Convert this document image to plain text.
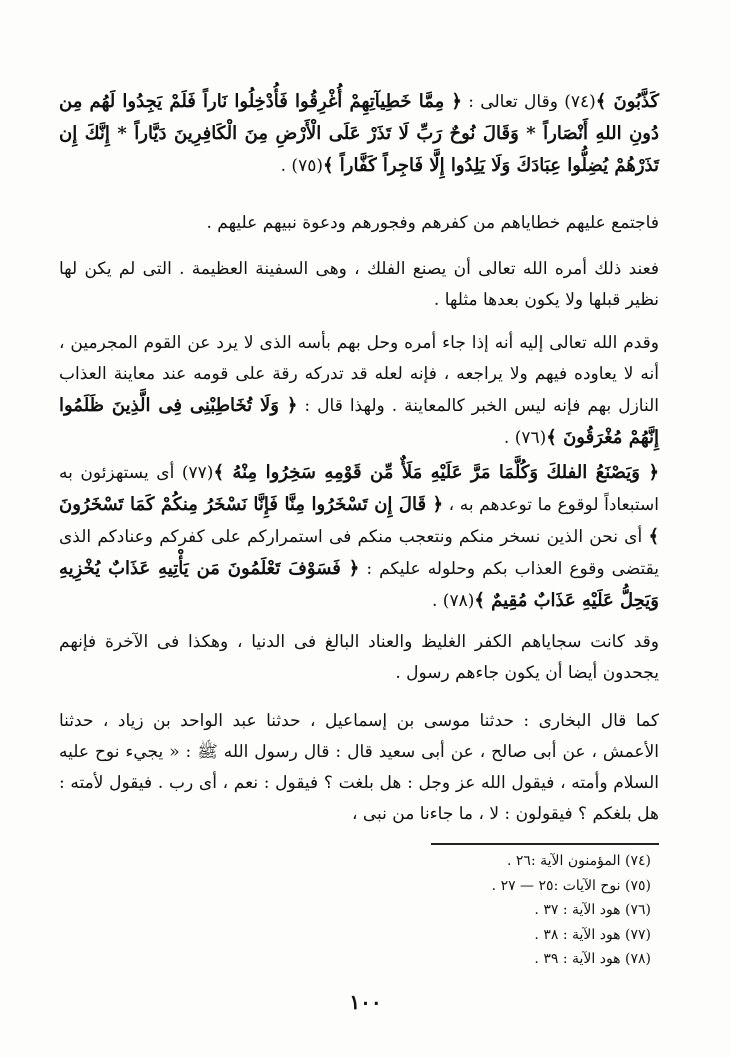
كَذَّبُونَ ﴾(٧٤) وقال تعالى : ﴿ مِمَّا خَطِيآتِهِمْ أُغْرِقُوا فَأُدْخِلُوا نَاراً فَلَمْ يَجِدُوا لَهُم مِن دُونِ اللهِ أَنْصَاراً * وَقَالَ نُوحٌ رَبِّ لَا تَذَرْ عَلَى الْأَرْضِ مِنَ الْكَافِرِينَ دَيَّاراً * إِنَّكَ إِن تَذَرْهُمْ يُضِلُّوا عِبَادَكَ وَلَا يَلِدُوا إِلَّا فَاجِراً كَفَّاراً ﴾(٧٥) .

فاجتمع عليهم خطاياهم من كفرهم وفجورهم ودعوة نبيهم عليهم .

فعند ذلك أمره الله تعالى أن يصنع الفلك ، وهى السفينة العظيمة . التى لم يكن لها نظير قبلها ولا يكون بعدها مثلها .

وقدم الله تعالى إليه أنه إذا جاء أمره وحل بهم بأسه الذى لا يرد عن القوم المجرمين ، أنه لا يعاوده فيهم ولا يراجعه ، فإنه لعله قد تدركه رقة على قومه عند معاينة العذاب النازل بهم فإنه ليس الخبر كالمعاينة . ولهذا قال : ﴿ وَلَا تُخَاطِبْنِى فِى الَّذِينَ ظَلَمُوا إِنَّهُمْ مُغْرَقُونَ ﴾(٧٦) .

﴿ وَيَصْنَعُ الفلكَ وَكُلَّمَا مَرَّ عَلَيْهِ مَلَأٌ مِّن قَوْمِهِ سَخِرُوا مِنْهُ ﴾(٧٧) أى يستهزئون به استبعاداً لوقوع ما توعدهم به ، ﴿ قَالَ إِن تَسْخَرُوا مِنَّا فَإِنَّا نَسْخَرُ مِنكُمْ كَمَا تَسْخَرُونَ ﴾ أى نحن الذين نسخر منكم ونتعجب منكم فى استمراركم على كفركم وعنادكم الذى يقتضى وقوع العذاب بكم وحلوله عليكم : ﴿ فَسَوْفَ تَعْلَمُونَ مَن يَأْتِيهِ عَذَابٌ يُخْزِيهِ وَيَحِلُّ عَلَيْهِ عَذَابٌ مُقِيمٌ ﴾(٧٨) .

وقد كانت سجاياهم الكفر الغليظ والعناد البالغ فى الدنيا ، وهكذا فى الآخرة فإنهم يجحدون أيضا أن يكون جاءهم رسول .

كما قال البخارى : حدثنا موسى بن إسماعيل ، حدثنا عبد الواحد بن زياد ، حدثنا الأعمش ، عن أبى صالح ، عن أبى سعيد قال : قال رسول الله ﷺ : « يجيء نوح عليه السلام وأمته ، فيقول الله عز وجل : هل بلغت ؟ فيقول : نعم ، أى رب . فيقول لأمته : هل بلغكم ؟ فيقولون : لا ، ما جاءنا من نبى ،

(٧٤) المؤمنون الآية :٢٦ .
(٧٥) نوح الآيات :٢٥ — ٢٧ .
(٧٦) هود الآية : ٣٧ .
(٧٧) هود الآية : ٣٨ .
(٧٨) هود الآية : ٣٩ .
١٠٠
